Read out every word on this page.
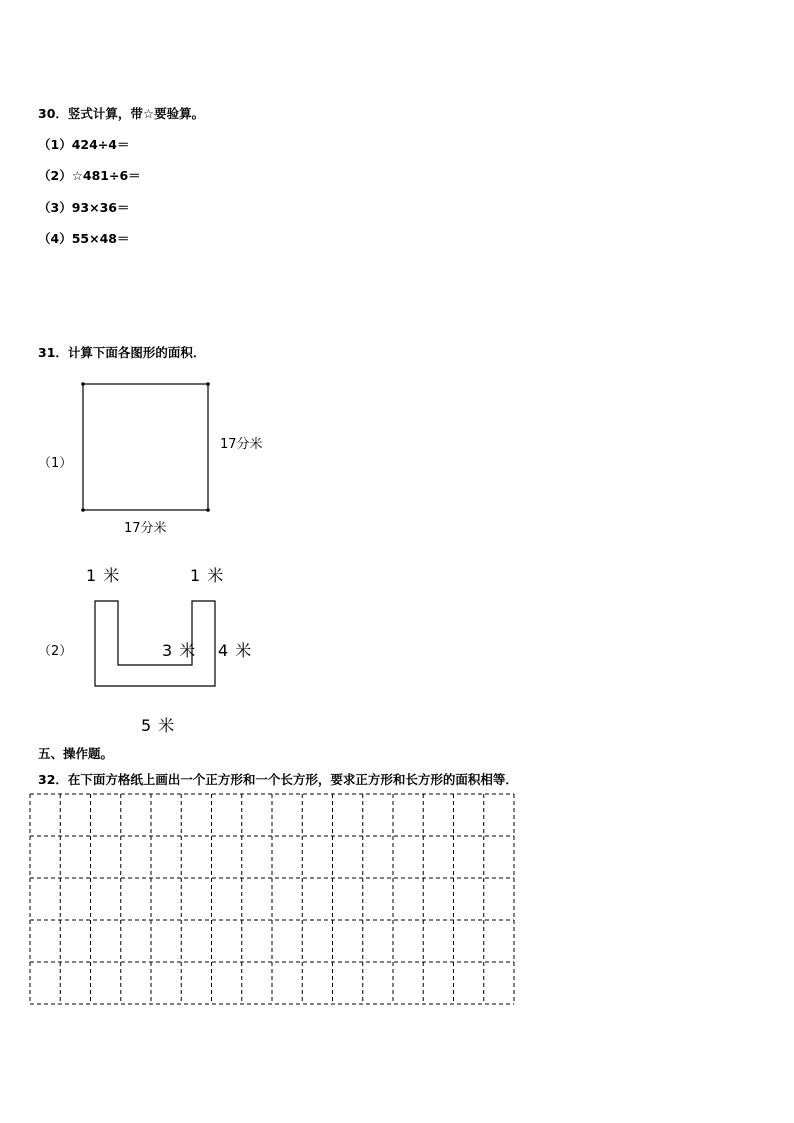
30．竖式计算，带☆要验算。
（1）424÷4＝
（2）☆481÷6＝
（3）93×36＝
（4）55×48＝
31．计算下面各图形的面积．
（1）
17分米
17分米
（2）
1 米	1 米
3 米 4 米
5 米
五、操作题。
32．在下面方格纸上画出一个正方形和一个长方形，要求正方形和长方形的面积相等．
